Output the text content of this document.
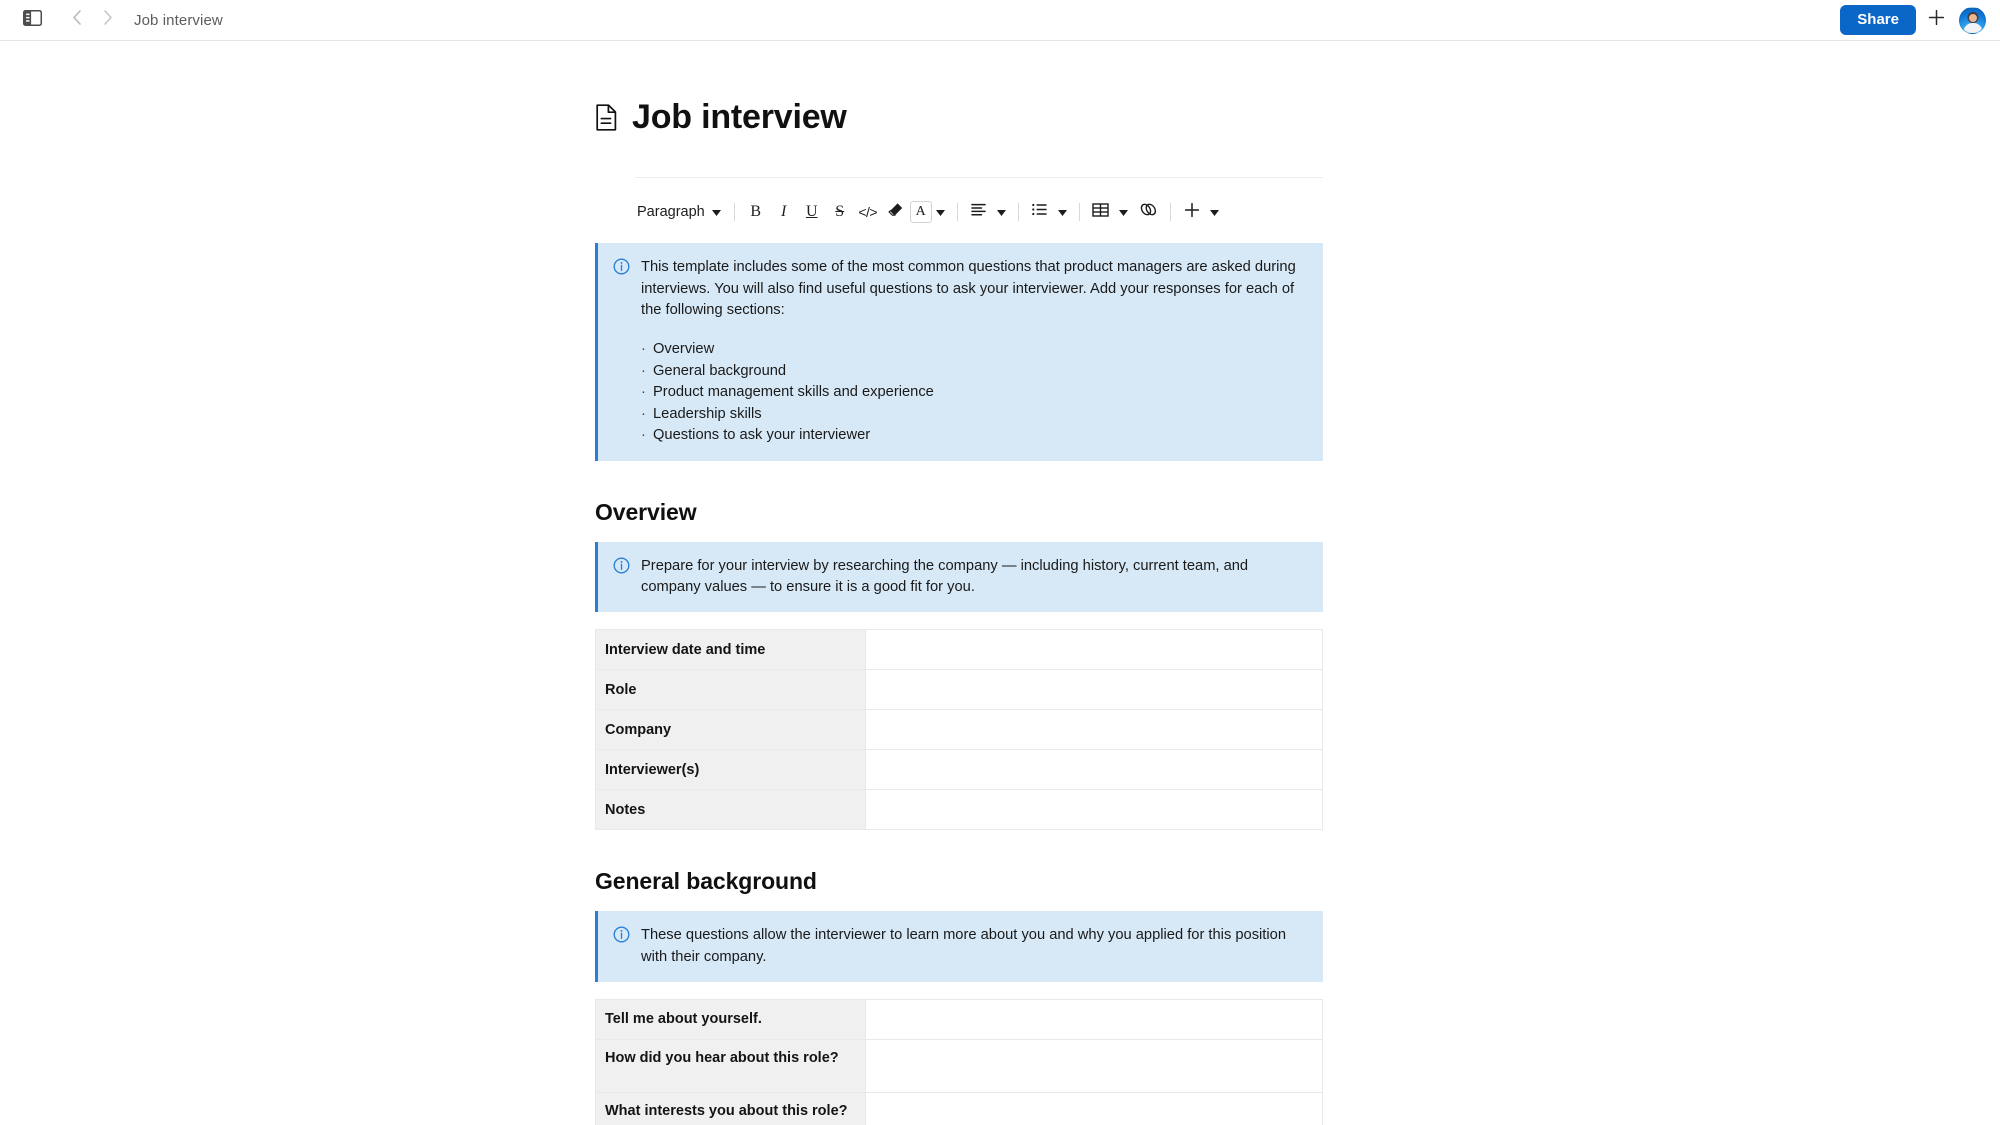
Job interview	Share
Job interview
Paragraph	B I U S </>	A
This template includes some of the most common questions that product managers are asked during interviews. You will also find useful questions to ask your interviewer. Add your responses for each of the following sections:
· Overview
· General background
· Product management skills and experience
· Leadership skills
· Questions to ask your interviewer
Overview
Prepare for your interview by researching the company — including history, current team, and company values — to ensure it is a good fit for you.
Interview date and time	
Role	
Company	
Interviewer(s)	
Notes	
General background
These questions allow the interviewer to learn more about you and why you applied for this position with their company.
Tell me about yourself.	
How did you hear about this role?	
What interests you about this role?	
